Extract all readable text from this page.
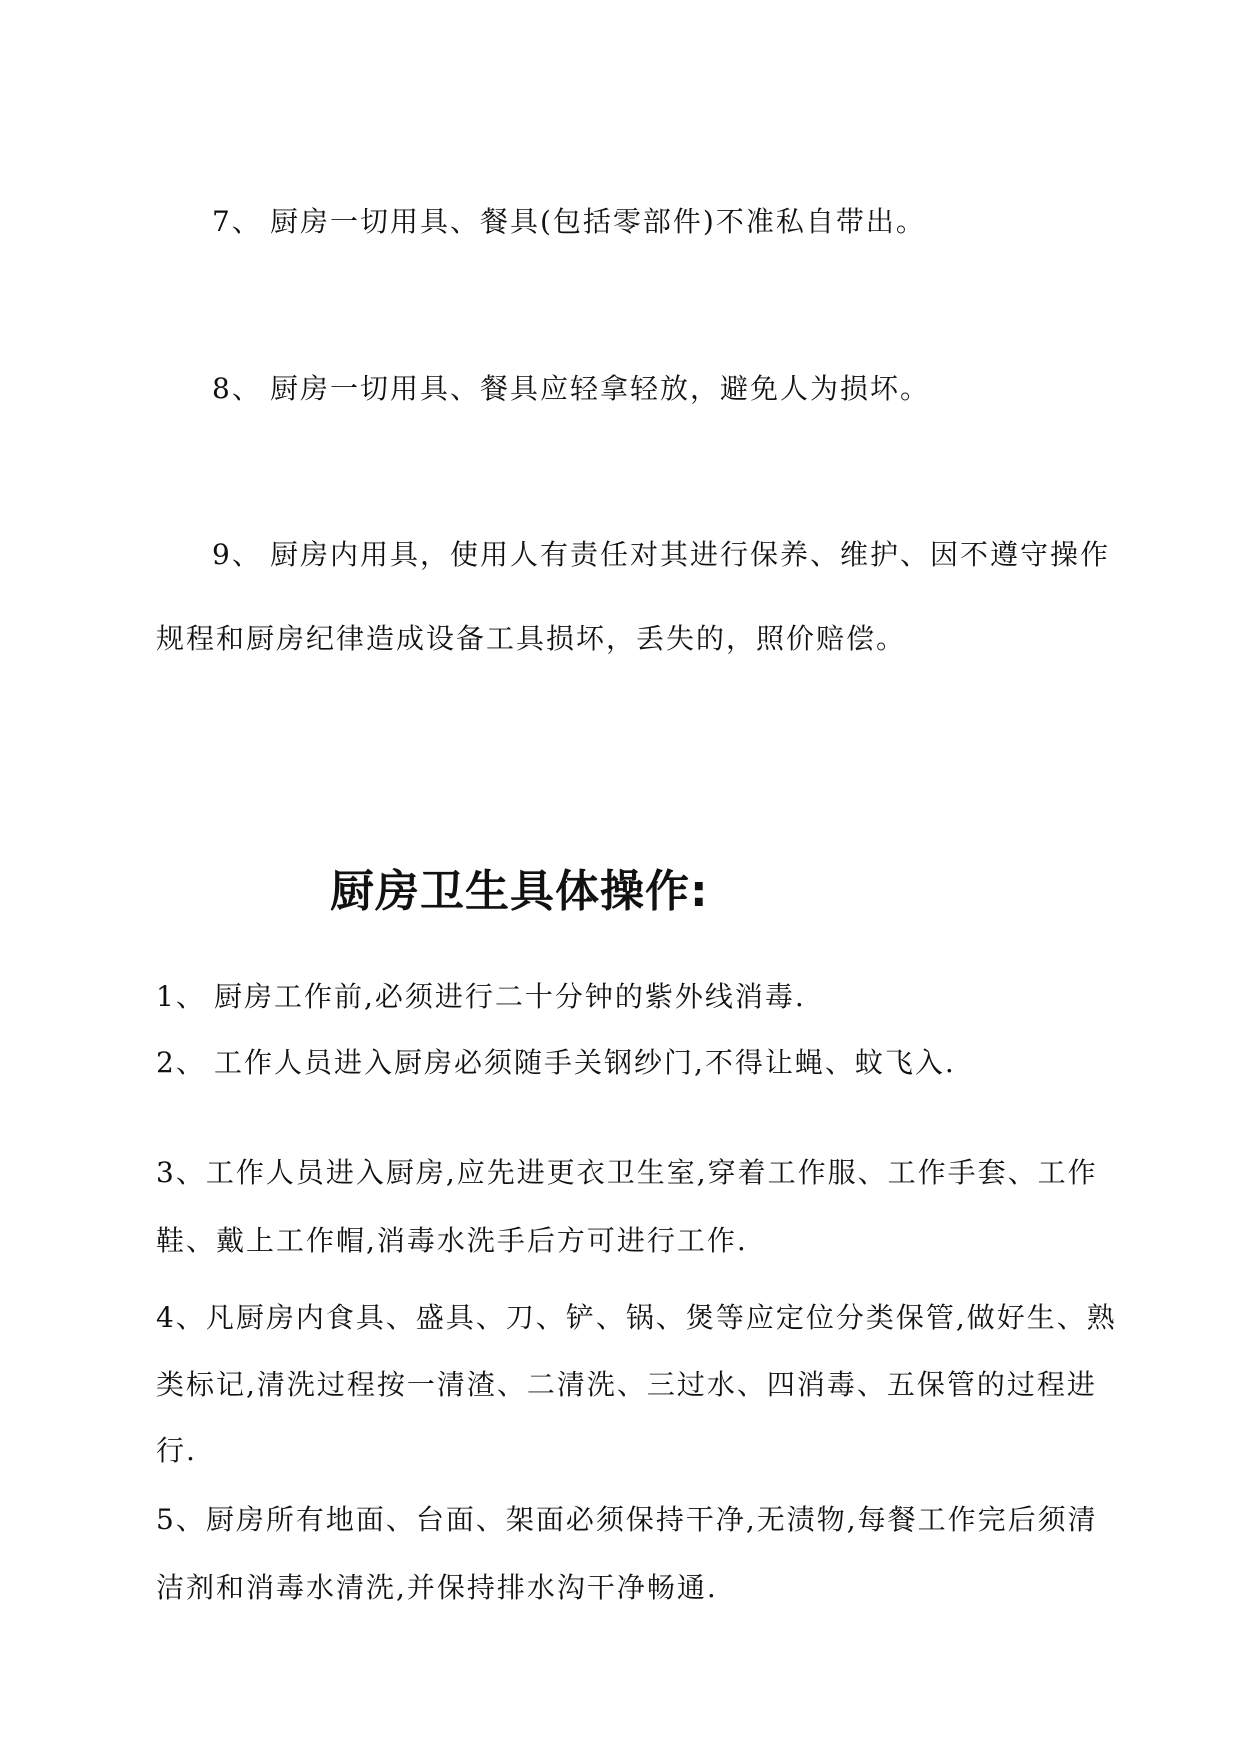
7、 厨房一切用具、餐具(包括零部件)不准私自带出。
8、 厨房一切用具、餐具应轻拿轻放，避免人为损坏。
9、 厨房内用具，使用人有责任对其进行保养、维护、因不遵守操作
规程和厨房纪律造成设备工具损坏，丢失的，照价赔偿。
厨房卫生具体操作:
1、 厨房工作前,必须进行二十分钟的紫外线消毒.
2、 工作人员进入厨房必须随手关钢纱门,不得让蝇、蚊飞入.
3、工作人员进入厨房,应先进更衣卫生室,穿着工作服、工作手套、工作
鞋、戴上工作帽,消毒水洗手后方可进行工作.
4、凡厨房内食具、盛具、刀、铲、锅、煲等应定位分类保管,做好生、熟
类标记,清洗过程按一清渣、二清洗、三过水、四消毒、五保管的过程进
行.
5、厨房所有地面、台面、架面必须保持干净,无渍物,每餐工作完后须清
洁剂和消毒水清洗,并保持排水沟干净畅通.
